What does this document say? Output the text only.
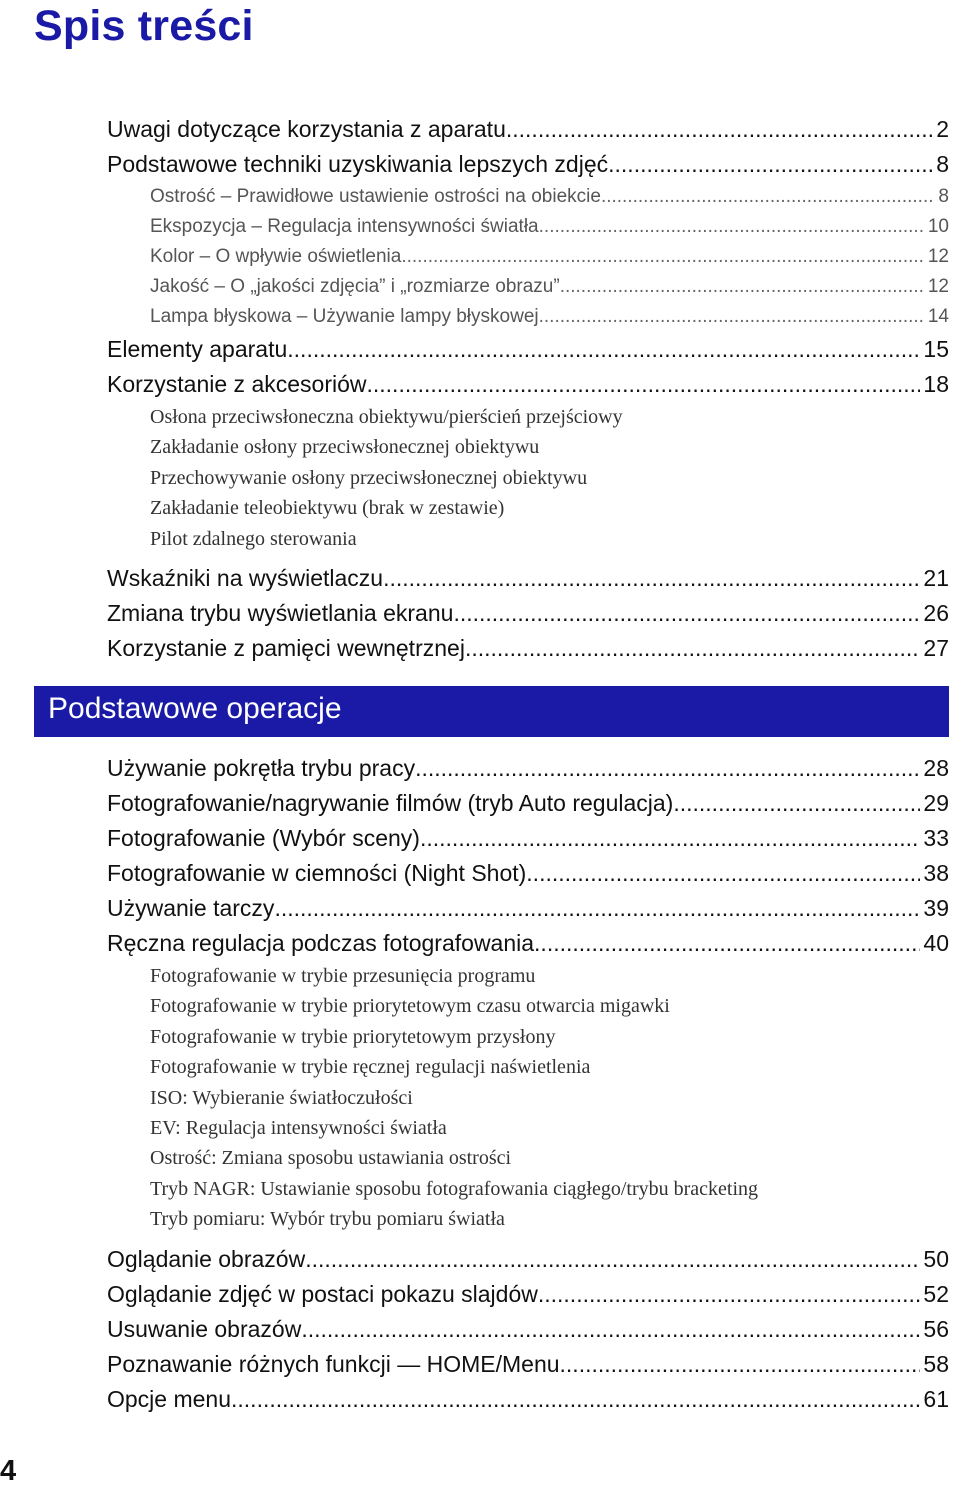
Spis treści
Uwagi dotyczące korzystania z aparatu .....	2
Podstawowe techniki uzyskiwania lepszych zdjęć .....	8
Ostrość – Prawidłowe ustawienie ostrości na obiekcie .....	8
Ekspozycja – Regulacja intensywności światła .....	10
Kolor – O wpływie oświetlenia .....	12
Jakość – O „jakości zdjęcia” i „rozmiarze obrazu” .....	12
Lampa błyskowa – Używanie lampy błyskowej .....	14
Elementy aparatu .....	15
Korzystanie z akcesoriów .....	18
Osłona przeciwsłoneczna obiektywu/pierścień przejściowy
Zakładanie osłony przeciwsłonecznej obiektywu
Przechowywanie osłony przeciwsłonecznej obiektywu
Zakładanie teleobiektywu (brak w zestawie)
Pilot zdalnego sterowania
Wskaźniki na wyświetlaczu .....	21
Zmiana trybu wyświetlania ekranu .....	26
Korzystanie z pamięci wewnętrznej .....	27
Podstawowe operacje
Używanie pokrętła trybu pracy .....	28
Fotografowanie/nagrywanie filmów (tryb Auto regulacja) .....	29
Fotografowanie (Wybór sceny) .....	33
Fotografowanie w ciemności (Night Shot) .....	38
Używanie tarczy .....	39
Ręczna regulacja podczas fotografowania .....	40
Fotografowanie w trybie przesunięcia programu
Fotografowanie w trybie priorytetowym czasu otwarcia migawki
Fotografowanie w trybie priorytetowym przysłony
Fotografowanie w trybie ręcznej regulacji naświetlenia
ISO: Wybieranie światłoczułości
EV: Regulacja intensywności światła
Ostrość: Zmiana sposobu ustawiania ostrości
Tryb NAGR: Ustawianie sposobu fotografowania ciągłego/trybu bracketing
Tryb pomiaru: Wybór trybu pomiaru światła
Oglądanie obrazów .....	50
Oglądanie zdjęć w postaci pokazu slajdów .....	52
Usuwanie obrazów .....	56
Poznawanie różnych funkcji — HOME/Menu .....	58
Opcje menu .....	61
4
